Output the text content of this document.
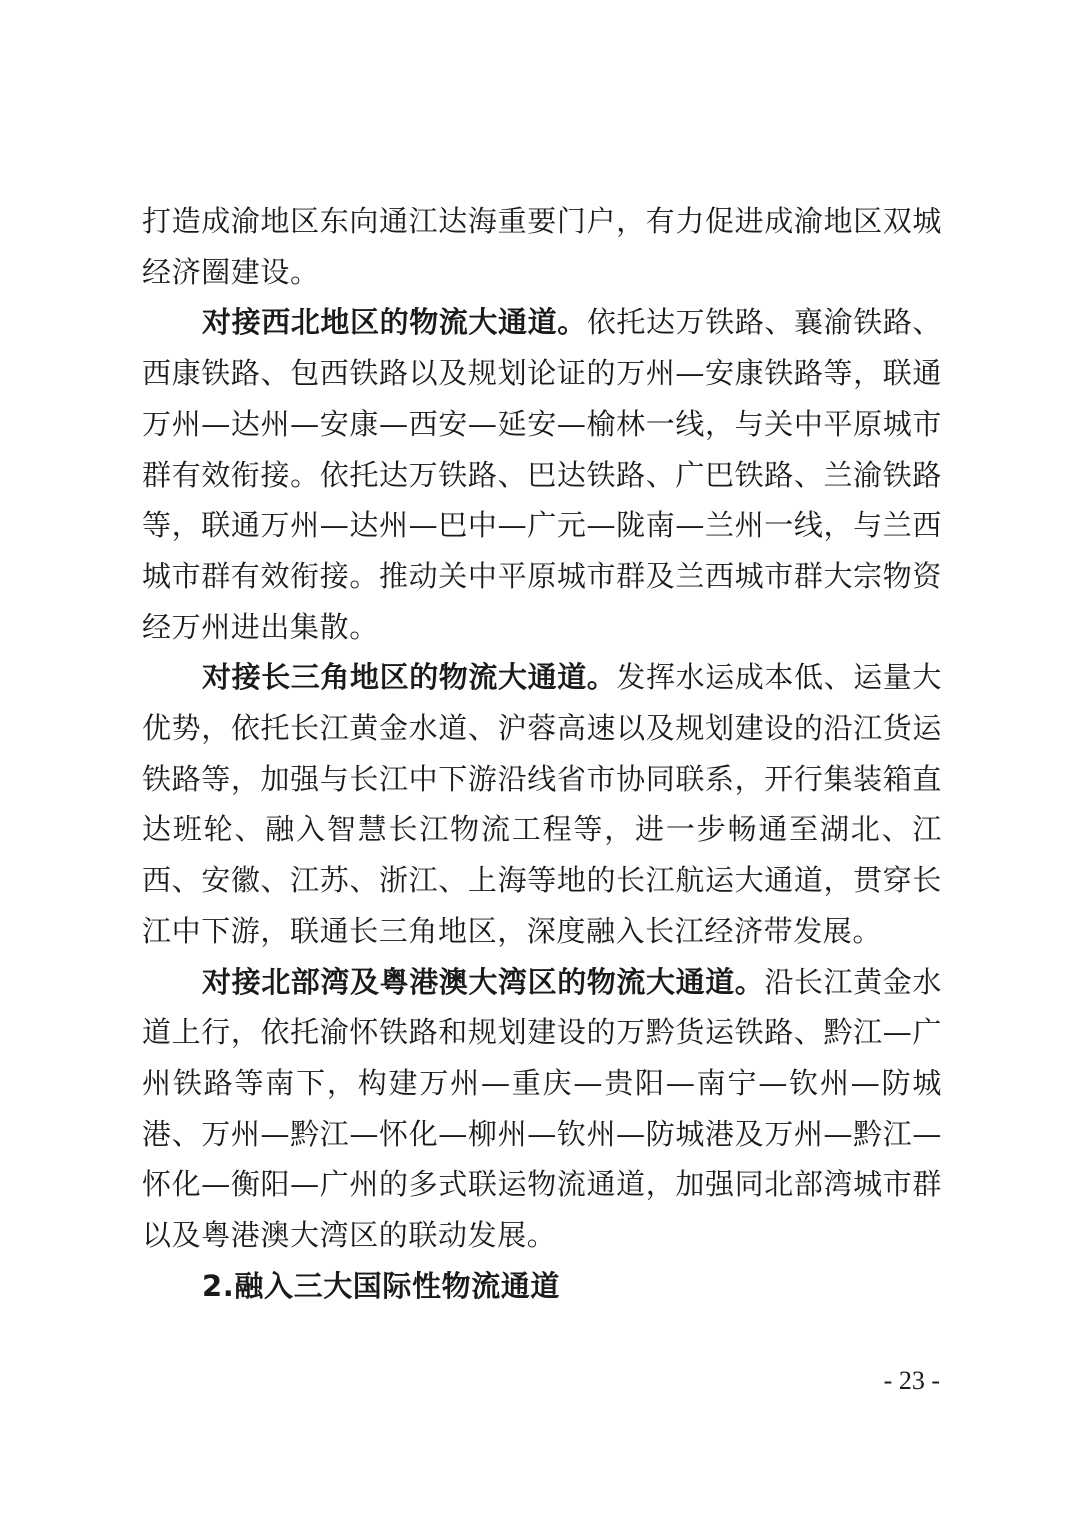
打造成渝地区东向通江达海重要门户，有力促进成渝地区双城经济圈建设。

对接西北地区的物流大通道。依托达万铁路、襄渝铁路、西康铁路、包西铁路以及规划论证的万州—安康铁路等，联通万州—达州—安康—西安—延安—榆林一线，与关中平原城市群有效衔接。依托达万铁路、巴达铁路、广巴铁路、兰渝铁路等，联通万州—达州—巴中—广元—陇南—兰州一线，与兰西城市群有效衔接。推动关中平原城市群及兰西城市群大宗物资经万州进出集散。

对接长三角地区的物流大通道。发挥水运成本低、运量大优势，依托长江黄金水道、沪蓉高速以及规划建设的沿江货运铁路等，加强与长江中下游沿线省市协同联系，开行集装箱直达班轮、融入智慧长江物流工程等，进一步畅通至湖北、江西、安徽、江苏、浙江、上海等地的长江航运大通道，贯穿长江中下游，联通长三角地区，深度融入长江经济带发展。

对接北部湾及粤港澳大湾区的物流大通道。沿长江黄金水道上行，依托渝怀铁路和规划建设的万黔货运铁路、黔江—广州铁路等南下，构建万州—重庆—贵阳—南宁—钦州—防城港、万州—黔江—怀化—柳州—钦州—防城港及万州—黔江—怀化—衡阳—广州的多式联运物流通道，加强同北部湾城市群以及粤港澳大湾区的联动发展。

2.融入三大国际性物流通道

- 23 -
